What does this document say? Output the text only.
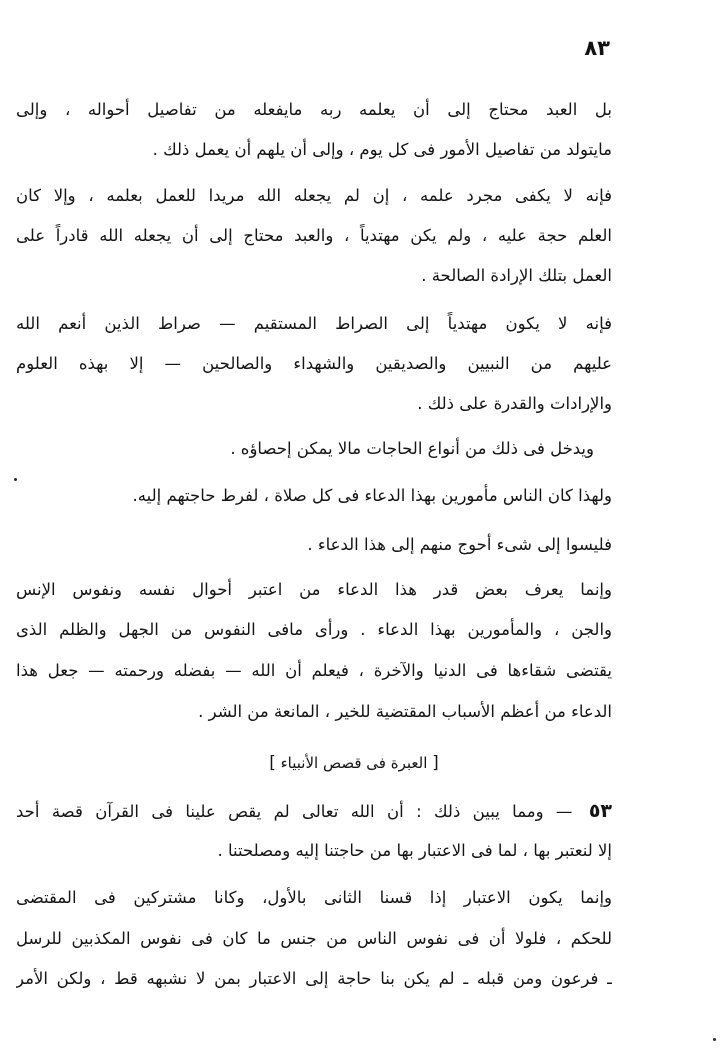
٨٣
بل العبد محتاج إلى أن يعلمه ربه مايفعله من تفاصيل أحواله ، وإلى
مايتولد من تفاصيل الأمور فى كل يوم ، وإلى أن يلهم أن يعمل ذلك .
فإنه لا يكفى مجرد علمه ، إن لم يجعله الله مريدا للعمل بعلمه ، وإلا كان
العلم حجة عليه ، ولم يكن مهتدياً ، والعبد محتاج إلى أن يجعله الله قادراً على
العمل بتلك الإرادة الصالحة .
فإنه لا يكون مهتدياً إلى الصراط المستقيم — صراط الذين أنعم الله
عليهم من النبيين والصديقين والشهداء والصالحين — إلا بهذه العلوم
والإرادات والقدرة على ذلك .
ويدخل فى ذلك من أنواع الحاجات مالا يمكن إحصاؤه .
ولهذا كان الناس مأمورين بهذا الدعاء فى كل صلاة ، لفرط حاجتهم إليه.
فليسوا إلى شىء أحوج منهم إلى هذا الدعاء .
وإنما يعرف بعض قدر هذا الدعاء من اعتبر أحوال نفسه ونفوس الإنس
والجن ، والمأمورين بهذا الدعاء . ورأى مافى النفوس من الجهل والظلم الذى
يقتضى شقاءها فى الدنيا والآخرة ، فيعلم أن الله — بفضله ورحمته — جعل هذا
الدعاء من أعظم الأسباب المقتضية للخير ، المانعة من الشر .
[ العبرة فى قصص الأنبياء ]
٥٣ — ومما يبين ذلك : أن الله تعالى لم يقص علينا فى القرآن قصة أحد
إلا لنعتبر بها ، لما فى الاعتبار بها من حاجتنا إليه ومصلحتنا .
وإنما يكون الاعتبار إذا قسنا الثانى بالأول، وكانا مشتركين فى المقتضى
للحكم ، فلولا أن فى نفوس الناس من جنس ما كان فى نفوس المكذبين للرسل
ـ فرعون ومن قبله ـ لم يكن بنا حاجة إلى الاعتبار بمن لا نشبهه قط ، ولكن الأمر
